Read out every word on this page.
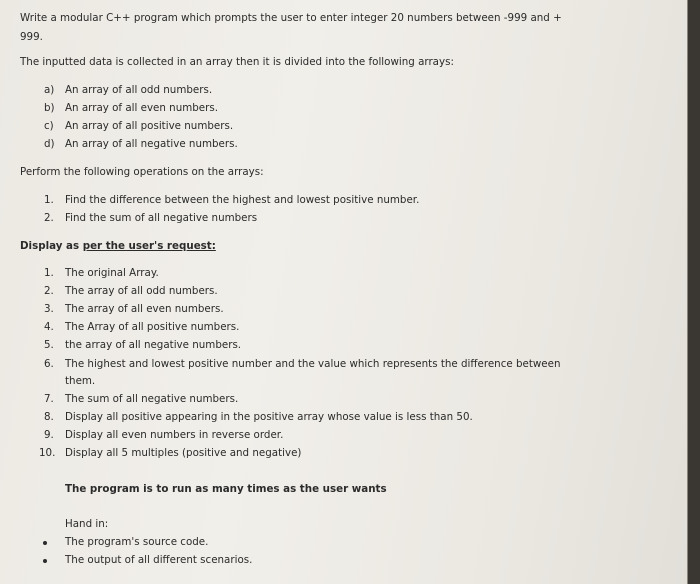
Write a modular C++ program which prompts the user to enter integer 20 numbers between -999 and +
999.
The inputted data is collected in an array then it is divided into the following arrays:
a) An array of all odd numbers.
b) An array of all even numbers.
c) An array of all positive numbers.
d) An array of all negative numbers.
Perform the following operations on the arrays:
1. Find the difference between the highest and lowest positive number.
2. Find the sum of all negative numbers
Display as per the user's request:
1. The original Array.
2. The array of all odd numbers.
3. The array of all even numbers.
4. The Array of all positive numbers.
5. the array of all negative numbers.
6. The highest and lowest positive number and the value which represents the difference between
them.
7. The sum of all negative numbers.
8. Display all positive appearing in the positive array whose value is less than 50.
9. Display all even numbers in reverse order.
10. Display all 5 multiples (positive and negative)
The program is to run as many times as the user wants
Hand in:
The program's source code.
The output of all different scenarios.
